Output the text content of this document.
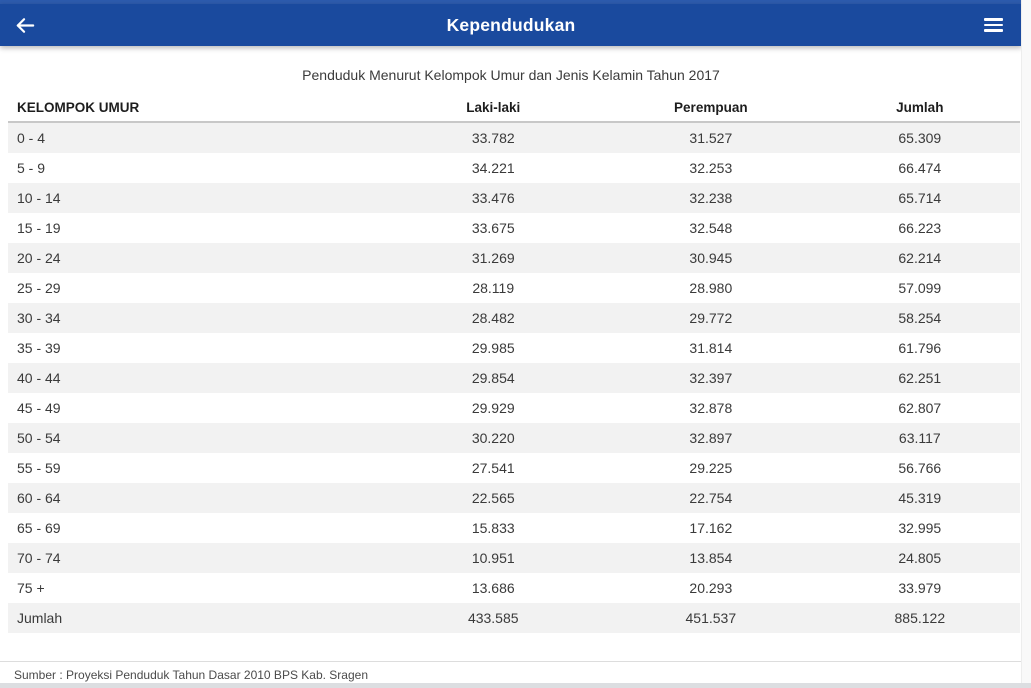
Kependudukan
Penduduk Menurut Kelompok Umur dan Jenis Kelamin Tahun 2017
KELOMPOK UMUR	Laki-laki	Perempuan	Jumlah
0 - 4	33.782	31.527	65.309
5 - 9	34.221	32.253	66.474
10 - 14	33.476	32.238	65.714
15 - 19	33.675	32.548	66.223
20 - 24	31.269	30.945	62.214
25 - 29	28.119	28.980	57.099
30 - 34	28.482	29.772	58.254
35 - 39	29.985	31.814	61.796
40 - 44	29.854	32.397	62.251
45 - 49	29.929	32.878	62.807
50 - 54	30.220	32.897	63.117
55 - 59	27.541	29.225	56.766
60 - 64	22.565	22.754	45.319
65 - 69	15.833	17.162	32.995
70 - 74	10.951	13.854	24.805
75 +	13.686	20.293	33.979
Jumlah	433.585	451.537	885.122
Sumber : Proyeksi Penduduk Tahun Dasar 2010 BPS Kab. Sragen
